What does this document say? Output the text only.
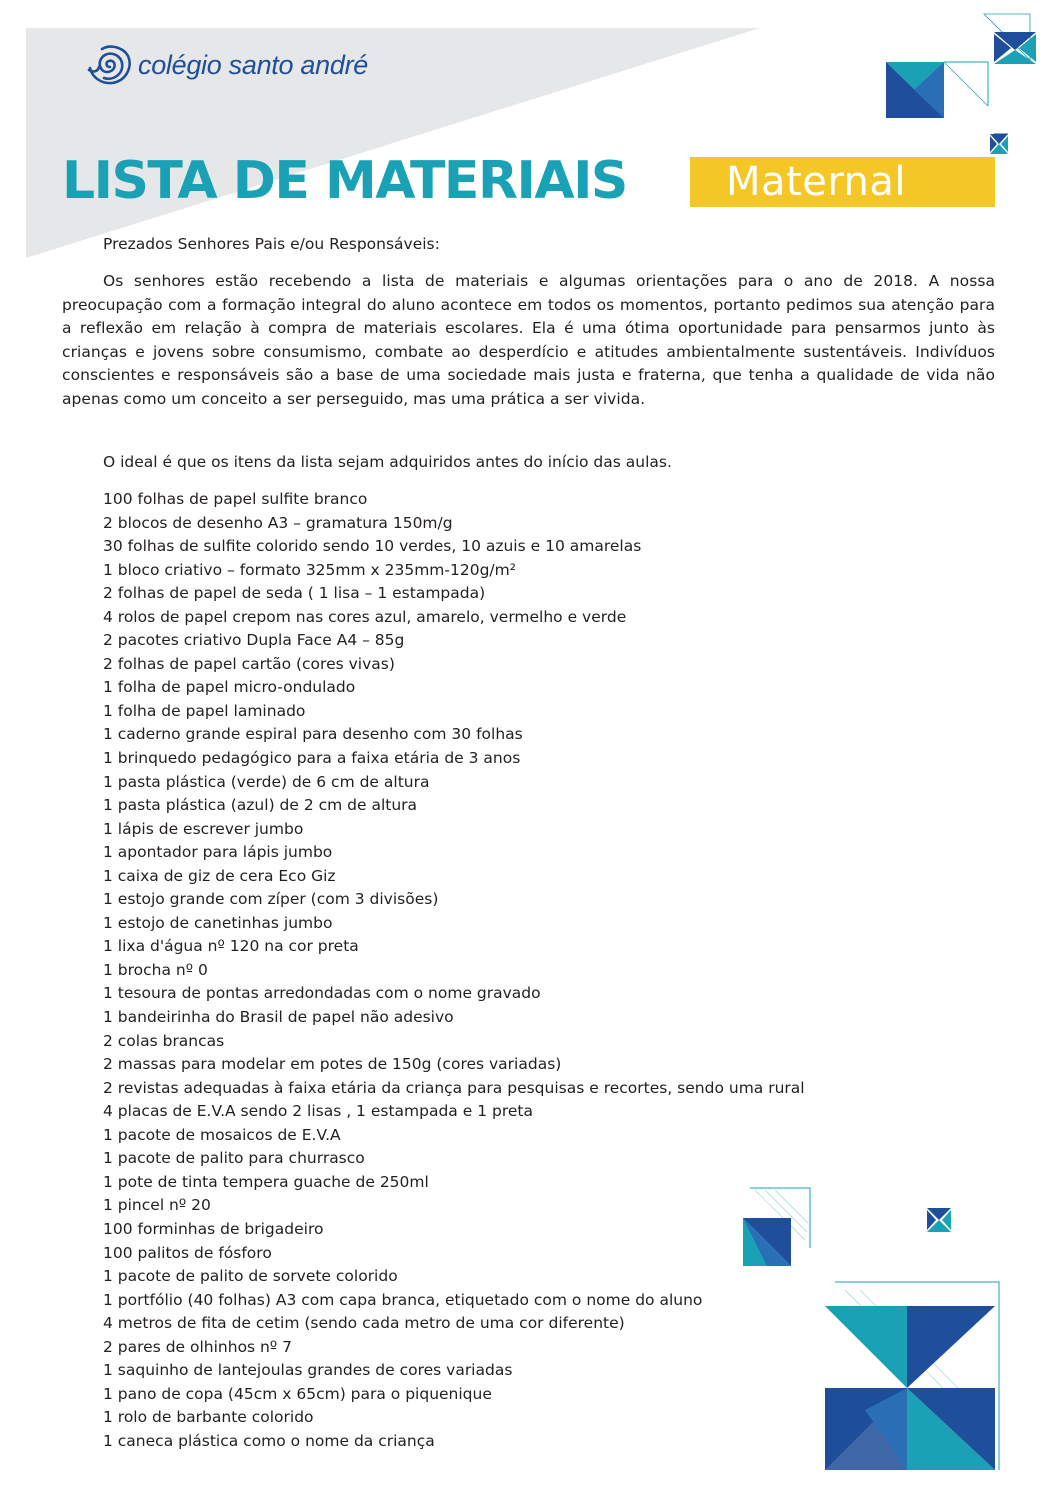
colégio santo andré
LISTA DE MATERIAIS	Maternal

Prezados Senhores Pais e/ou Responsáveis:

Os senhores estão recebendo a lista de materiais e algumas orientações para o ano de 2018. A nossa preocupação com a formação integral do aluno acontece em todos os momentos, portanto pedimos sua atenção para a reflexão em relação à compra de materiais escolares. Ela é uma ótima oportunidade para pensarmos junto às crianças e jovens sobre consumismo, combate ao desperdício e atitudes ambientalmente sustentáveis. Indivíduos conscientes e responsáveis são a base de uma sociedade mais justa e fraterna, que tenha a qualidade de vida não apenas como um conceito a ser perseguido, mas uma prática a ser vivida.

O ideal é que os itens da lista sejam adquiridos antes do início das aulas.

100 folhas de papel sulfite branco
2 blocos de desenho A3 – gramatura 150m/g
30 folhas de sulfite colorido sendo 10 verdes, 10 azuis e 10 amarelas
1 bloco criativo – formato 325mm x 235mm-120g/m²
2 folhas de papel de seda ( 1 lisa – 1 estampada)
4 rolos de papel crepom nas cores azul, amarelo, vermelho e verde
2 pacotes criativo Dupla Face A4 – 85g
2 folhas de papel cartão (cores vivas)
1 folha de papel micro-ondulado
1 folha de papel laminado
1 caderno grande espiral para desenho com 30 folhas
1 brinquedo pedagógico para a faixa etária de 3 anos
1 pasta plástica (verde) de 6 cm de altura
1 pasta plástica (azul) de 2 cm de altura
1 lápis de escrever jumbo
1 apontador para lápis jumbo
1 caixa de giz de cera Eco Giz
1 estojo grande com zíper (com 3 divisões)
1 estojo de canetinhas jumbo
1 lixa d'água nº 120 na cor preta
1 brocha nº 0
1 tesoura de pontas arredondadas com o nome gravado
1 bandeirinha do Brasil de papel não adesivo
2 colas brancas
2 massas para modelar em potes de 150g (cores variadas)
2 revistas adequadas à faixa etária da criança para pesquisas e recortes, sendo uma rural
4 placas de E.V.A sendo 2 lisas , 1 estampada e 1 preta
1 pacote de mosaicos de E.V.A
1 pacote de palito para churrasco
1 pote de tinta tempera guache de 250ml
1 pincel nº 20
100 forminhas de brigadeiro
100 palitos de fósforo
1 pacote de palito de sorvete colorido
1 portfólio (40 folhas) A3 com capa branca, etiquetado com o nome do aluno
4 metros de fita de cetim (sendo cada metro de uma cor diferente)
2 pares de olhinhos nº 7
1 saquinho de lantejoulas grandes de cores variadas
1 pano de copa (45cm x 65cm) para o piquenique
1 rolo de barbante colorido
1 caneca plástica como o nome da criança
